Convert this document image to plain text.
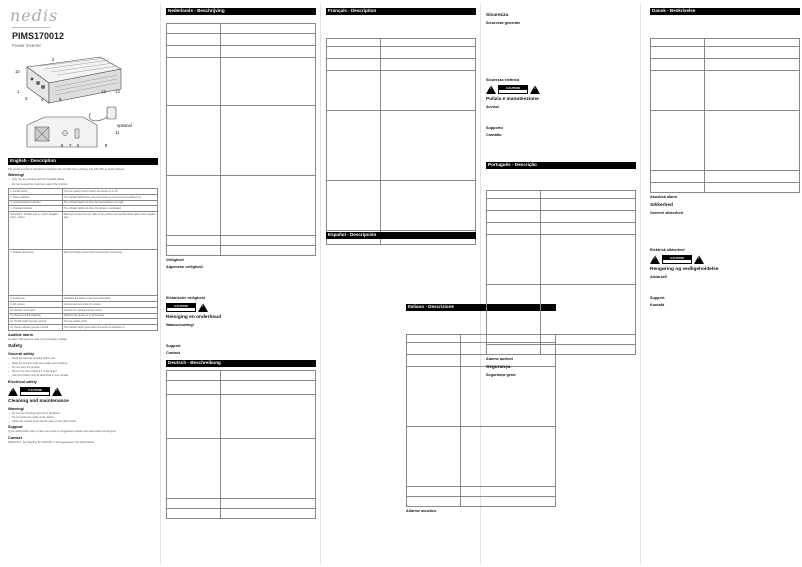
nedis
PIMS170012
Power inverter
10
2
1
3	4	9
12 13
optional
11
6 7 5	8
English - Description
The power inverter is intended to transform the 12 VDC from a battery into 230 VAC to power devices.
Warning!
– Only use the product with the included cables.
– Do not exceed the maximum load of the product.
1. On/Off switch	Turn the switch on/off to switch the device on or off.
2. Power indicator	The indicator lights green when the device is connected and switched on.
3. Overtemperature indicator	The indicator lights red when the temperature is too high.
4. Overload indicator	The indicator lights red when the device is overloaded.
Terminals 5. Positive pole (+, red) 6. Negative pole (-, black)	Warning! Connect the red cable to the positive pole and the black cable to the negative pole.
7. Chassis ground lug	Warning! Always ground the inverter before connecting.
8. Cooling fan	Ventilates the device to prevent overheating.
9. AC outputs	Connect devices to the AC outputs.
10. Remote control port	Connect the optional remote control.
11. Remote control (optional)	Switches the device on or off remotely.
12. On/Off switch (remote control)	Turn the switch on/off.
13. Power indicator (remote control)	The indicator lights green when the device is switched on.
Audible alarm
An alarm will sound in case of a low battery voltage.
Safety
General safety
– Read the manual carefully before use.
– Keep the product away from water and moisture.
– Do not open the product.
– Do not use the product if it is damaged.
– Use the product only as described in this manual.
Electrical safety
!
CAUTION
!
Cleaning and maintenance
Warning!
– Do not use cleaning solvents or abrasives.
– Do not clean the inside of the device.
– Clean the outside of the device using a soft, damp cloth.
Support
If you need further help or have comments or suggestions please visit www.nedis.com/support
Contact
NEDIS B.V., De Tweeling 28, 5215 MC 's-Hertogenbosch, The Netherlands
Nederlands - Beschrijving

Veiligheid
Algemene veiligheid
Elektrische veiligheid
CAUTION
!
Reiniging en onderhoud
Waarschuwing!
Support
Contact
Deutsch - Beschreibung

Français - Description

Italiano - Descrizione

Allarme acustico
Sicurezza
Sicurezza generale
Sicurezza elettrica
!
CAUTION
!
Pulizia e manutenzione
Avviso!
Supporto
Contatto
Português - Descrição

Alarme audível
Segurança
Segurança geral
Dansk - Beskrivelse

Akustisk alarm
Sikkerhed
Generel sikkerhed
Elektrisk sikkerhed
!
CAUTION
!
Rengøring og vedligeholdelse
Advarsel!
Support
Kontakt
Español - Descripción
